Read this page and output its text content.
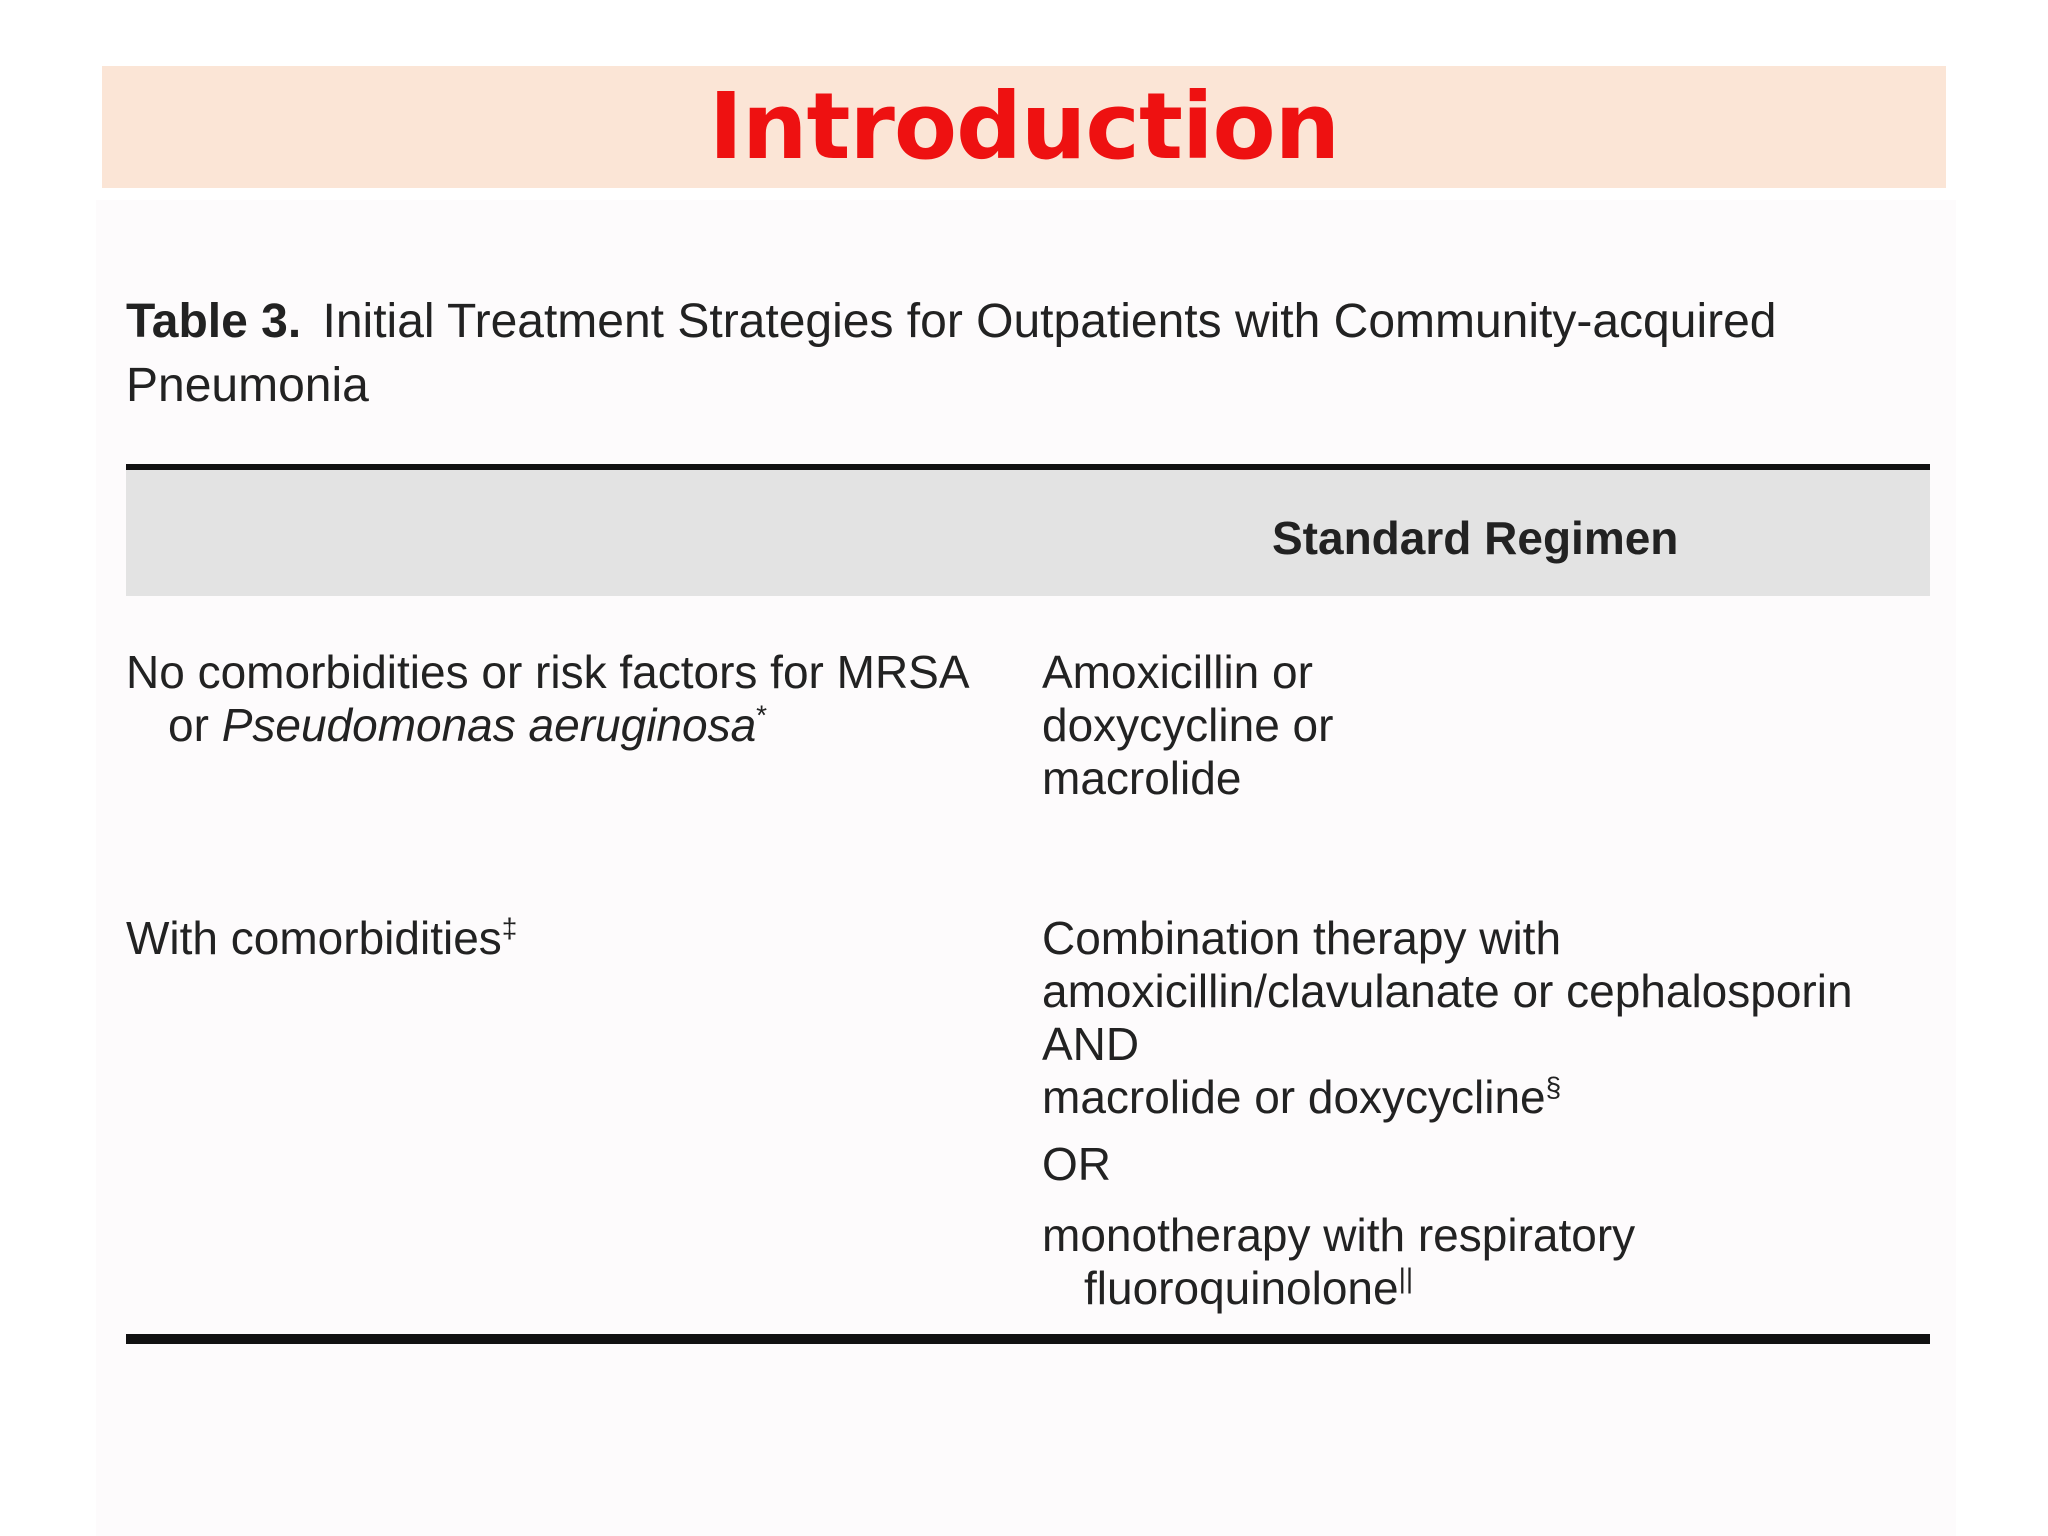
Introduction
Table 3. Initial Treatment Strategies for Outpatients with Community-acquired
Pneumonia
Standard Regimen
No comorbidities or risk factors for MRSA
or Pseudomonas aeruginosa*
Amoxicillin or
doxycycline or
macrolide
With comorbidities‡	Combination therapy with
amoxicillin/clavulanate or cephalosporin
AND
macrolide or doxycycline§
OR
monotherapy with respiratory
fluoroquinolone||
